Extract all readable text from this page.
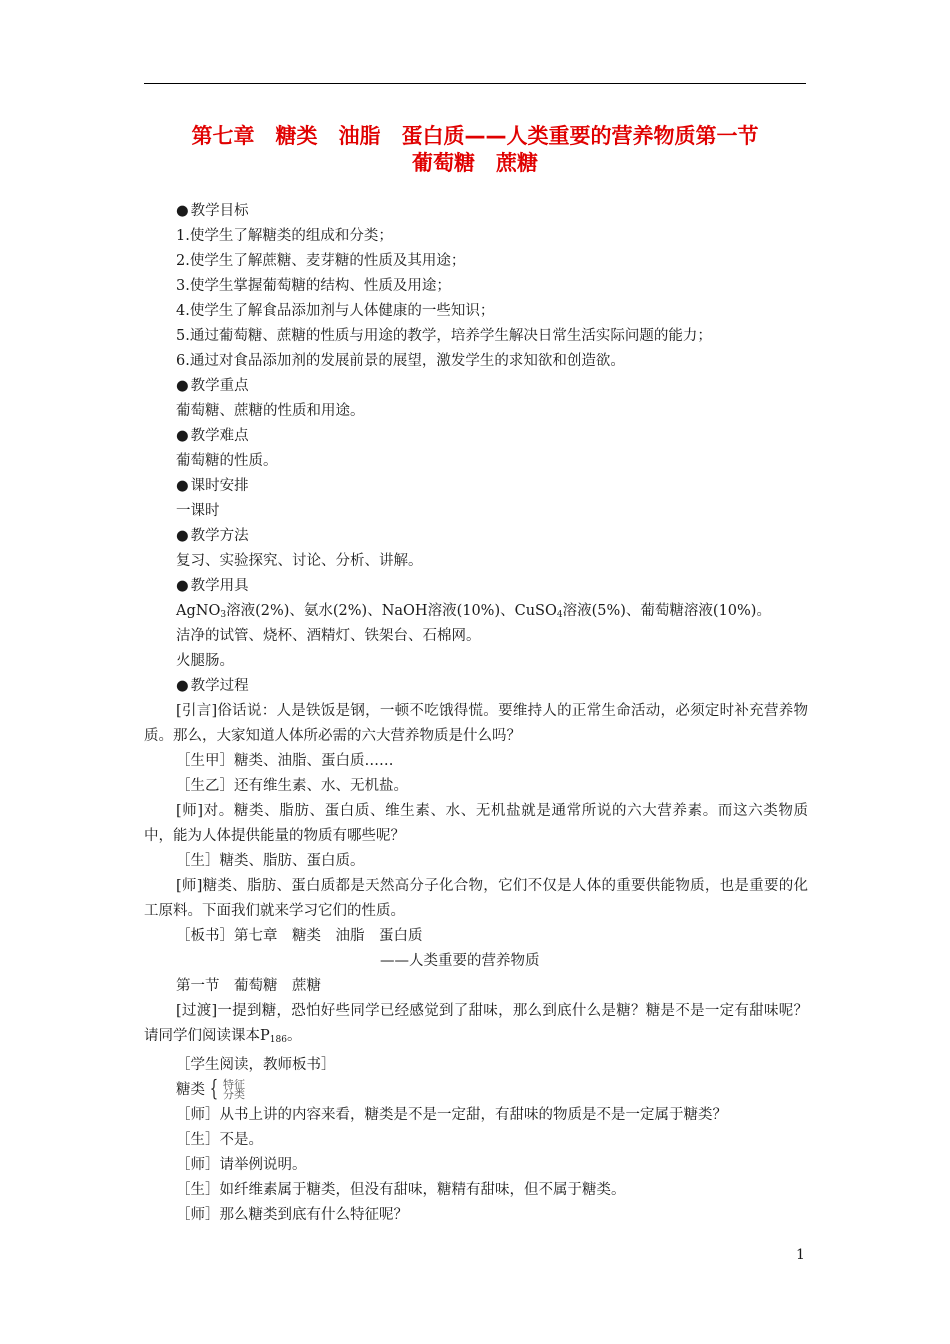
第七章　糖类　油脂　蛋白质——人类重要的营养物质第一节
葡萄糖　蔗糖
● 教学目标
1.使学生了解糖类的组成和分类；
2.使学生了解蔗糖、麦芽糖的性质及其用途；
3.使学生掌握葡萄糖的结构、性质及用途；
4.使学生了解食品添加剂与人体健康的一些知识；
5.通过葡萄糖、蔗糖的性质与用途的教学，培养学生解决日常生活实际问题的能力；
6.通过对食品添加剂的发展前景的展望，激发学生的求知欲和创造欲。
● 教学重点
葡萄糖、蔗糖的性质和用途。
● 教学难点
葡萄糖的性质。
● 课时安排
一课时
● 教学方法
复习、实验探究、讨论、分析、讲解。
● 教学用具
AgNO$_3$溶液(2%)、氨水(2%)、NaOH溶液(10%)、CuSO$_4$溶液(5%)、葡萄糖溶液(10%)。
洁净的试管、烧杯、酒精灯、铁架台、石棉网。
火腿肠。
● 教学过程
[引言]俗话说：人是铁饭是钢，一顿不吃饿得慌。要维持人的正常生命活动，必须定时补充营养物质。那么，大家知道人体所必需的六大营养物质是什么吗？
［生甲］糖类、油脂、蛋白质……
［生乙］还有维生素、水、无机盐。
[师]对。糖类、脂肪、蛋白质、维生素、水、无机盐就是通常所说的六大营养素。而这六类物质中，能为人体提供能量的物质有哪些呢？
［生］糖类、脂肪、蛋白质。
[师]糖类、脂肪、蛋白质都是天然高分子化合物，它们不仅是人体的重要供能物质，也是重要的化工原料。下面我们就来学习它们的性质。
［板书］第七章　糖类　油脂　蛋白质
——人类重要的营养物质
第一节　葡萄糖　蔗糖
[过渡]一提到糖，恐怕好些同学已经感觉到了甜味，那么到底什么是糖？糖是不是一定有甜味呢？请同学们阅读课本$P_{186}$。
［学生阅读，教师板书］
糖类 { 特征
分类
［师］从书上讲的内容来看，糖类是不是一定甜，有甜味的物质是不是一定属于糖类？
［生］不是。
［师］请举例说明。
［生］如纤维素属于糖类，但没有甜味，糖精有甜味，但不属于糖类。
［师］那么糖类到底有什么特征呢？
1
